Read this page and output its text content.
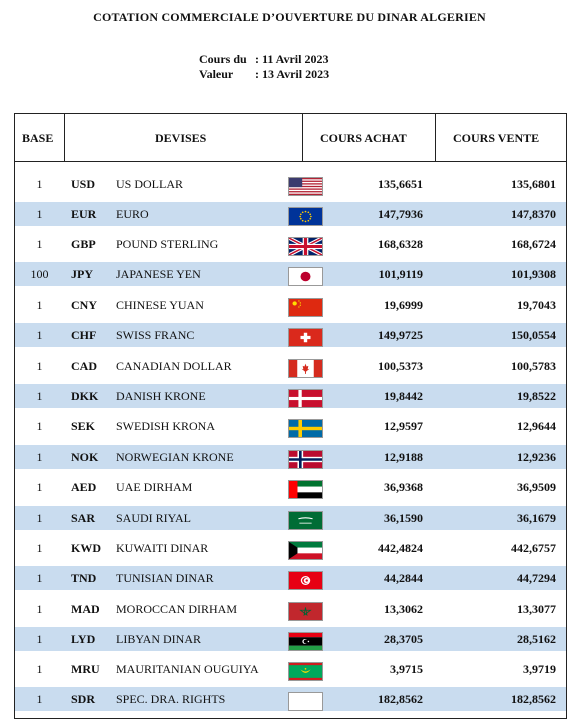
COTATION COMMERCIALE D’OUVERTURE DU DINAR ALGERIEN
Cours du : 11 Avril 2023
Valeur : 13 Avril 2023
BASE	DEVISES	COURS ACHAT	COURS VENTE
1	USD US DOLLAR	135,6651	135,6801
1	EUR EURO	147,7936	147,8370
1	GBP POUND STERLING	168,6328	168,6724
100	JPY JAPANESE YEN	101,9119	101,9308
1	CNY CHINESE YUAN	19,6999	19,7043
1	CHF SWISS FRANC	149,9725	150,0554
1	CAD CANADIAN DOLLAR	100,5373	100,5783
1	DKK DANISH KRONE	19,8442	19,8522
1	SEK SWEDISH KRONA	12,9597	12,9644
1	NOK NORWEGIAN KRONE	12,9188	12,9236
1	AED UAE DIRHAM	36,9368	36,9509
1	SAR SAUDI RIYAL	36,1590	36,1679
1	KWD KUWAITI DINAR	442,4824	442,6757
1	TND TUNISIAN DINAR	44,2844	44,7294
1	MAD MOROCCAN DIRHAM	13,3062	13,3077
1	LYD LIBYAN DINAR	28,3705	28,5162
1	MRU MAURITANIAN OUGUIYA	3,9715	3,9719
1	SDR SPEC. DRA. RIGHTS	182,8562	182,8562
